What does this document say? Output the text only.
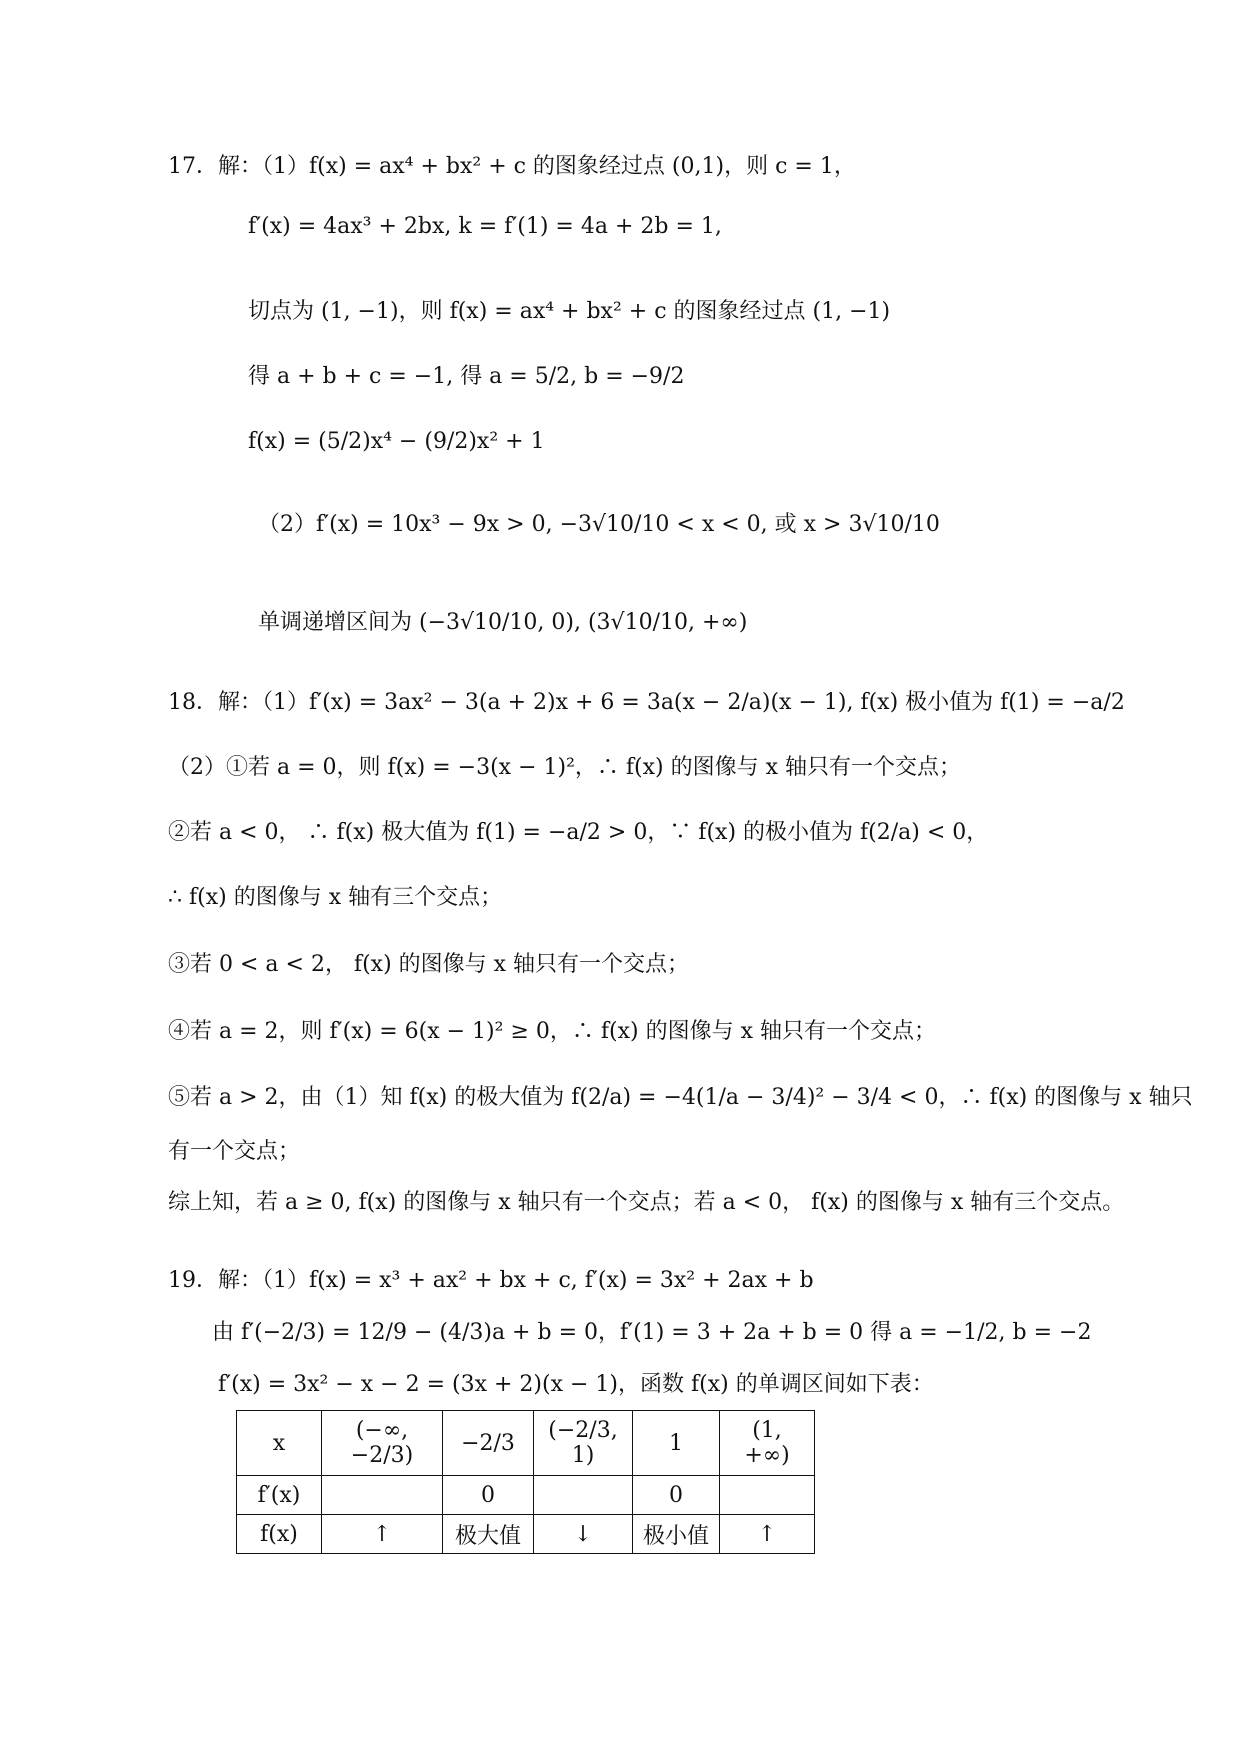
17．解：（1）f(x) = ax⁴ + bx² + c 的图象经过点 (0,1)，则 c = 1，
f′(x) = 4ax³ + 2bx, k = f′(1) = 4a + 2b = 1,
切点为 (1, −1)，则 f(x) = ax⁴ + bx² + c 的图象经过点 (1, −1)
得 a + b + c = −1, 得 a = 5/2, b = −9/2
f(x) = (5/2)x⁴ − (9/2)x² + 1
（2）f′(x) = 10x³ − 9x > 0, −3√10/10 < x < 0, 或 x > 3√10/10
单调递增区间为 (−3√10/10, 0), (3√10/10, +∞)
18．解：（1）f′(x) = 3ax² − 3(a + 2)x + 6 = 3a(x − 2/a)(x − 1), f(x) 极小值为 f(1) = −a/2
（2）①若 a = 0，则 f(x) = −3(x − 1)²，∴ f(x) 的图像与 x 轴只有一个交点；
②若 a < 0， ∴ f(x) 极大值为 f(1) = −a/2 > 0，∵ f(x) 的极小值为 f(2/a) < 0，
∴ f(x) 的图像与 x 轴有三个交点；
③若 0 < a < 2， f(x) 的图像与 x 轴只有一个交点；
④若 a = 2，则 f′(x) = 6(x − 1)² ≥ 0，∴ f(x) 的图像与 x 轴只有一个交点；
⑤若 a > 2，由（1）知 f(x) 的极大值为 f(2/a) = −4(1/a − 3/4)² − 3/4 < 0，∴ f(x) 的图像与 x 轴只
有一个交点；
综上知，若 a ≥ 0, f(x) 的图像与 x 轴只有一个交点；若 a < 0， f(x) 的图像与 x 轴有三个交点。
19．解：（1）f(x) = x³ + ax² + bx + c, f′(x) = 3x² + 2ax + b
由 f′(−2/3) = 12/9 − (4/3)a + b = 0，f′(1) = 3 + 2a + b = 0 得 a = −1/2, b = −2
f′(x) = 3x² − x − 2 = (3x + 2)(x − 1)，函数 f(x) 的单调区间如下表：
x	(−∞, −2/3)	−2/3	(−2/3, 1)	1	(1, +∞)
f′(x)		0		0	
f(x)	↑	极大值	↓	极小值	↑
